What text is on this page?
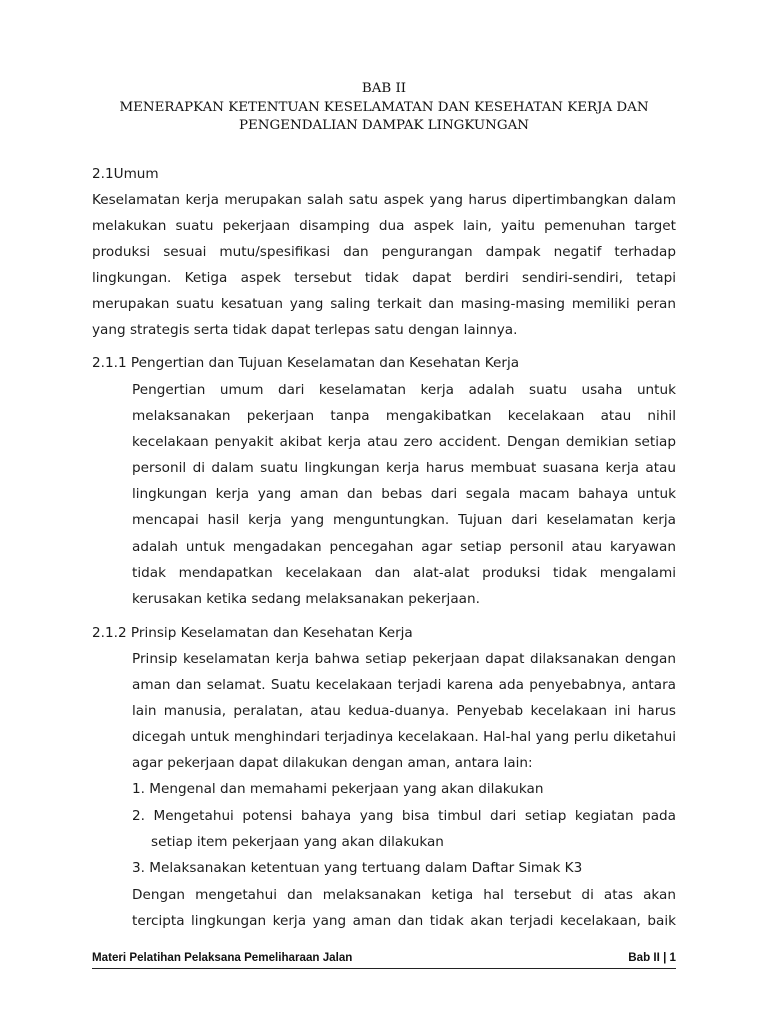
BAB II
MENERAPKAN KETENTUAN KESELAMATAN DAN KESEHATAN KERJA DAN
PENGENDALIAN DAMPAK LINGKUNGAN
2.1Umum
Keselamatan kerja merupakan salah satu aspek yang harus dipertimbangkan dalam
melakukan suatu pekerjaan disamping dua aspek lain, yaitu pemenuhan target
produksi sesuai mutu/spesifikasi dan pengurangan dampak negatif terhadap
lingkungan. Ketiga aspek tersebut tidak dapat berdiri sendiri-sendiri, tetapi
merupakan suatu kesatuan yang saling terkait dan masing-masing memiliki peran
yang strategis serta tidak dapat terlepas satu dengan lainnya.
2.1.1 Pengertian dan Tujuan Keselamatan dan Kesehatan Kerja
Pengertian umum dari keselamatan kerja adalah suatu usaha untuk
melaksanakan pekerjaan tanpa mengakibatkan kecelakaan atau nihil
kecelakaan penyakit akibat kerja atau zero accident. Dengan demikian setiap
personil di dalam suatu lingkungan kerja harus membuat suasana kerja atau
lingkungan kerja yang aman dan bebas dari segala macam bahaya untuk
mencapai hasil kerja yang menguntungkan. Tujuan dari keselamatan kerja
adalah untuk mengadakan pencegahan agar setiap personil atau karyawan
tidak mendapatkan kecelakaan dan alat-alat produksi tidak mengalami
kerusakan ketika sedang melaksanakan pekerjaan.
2.1.2 Prinsip Keselamatan dan Kesehatan Kerja
Prinsip keselamatan kerja bahwa setiap pekerjaan dapat dilaksanakan dengan
aman dan selamat. Suatu kecelakaan terjadi karena ada penyebabnya, antara
lain manusia, peralatan, atau kedua-duanya. Penyebab kecelakaan ini harus
dicegah untuk menghindari terjadinya kecelakaan. Hal-hal yang perlu diketahui
agar pekerjaan dapat dilakukan dengan aman, antara lain:
1. Mengenal dan memahami pekerjaan yang akan dilakukan
2. Mengetahui potensi bahaya yang bisa timbul dari setiap kegiatan pada
setiap item pekerjaan yang akan dilakukan
3. Melaksanakan ketentuan yang tertuang dalam Daftar Simak K3
Dengan mengetahui dan melaksanakan ketiga hal tersebut di atas akan
tercipta lingkungan kerja yang aman dan tidak akan terjadi kecelakaan, baik
Materi Pelatihan Pelaksana Pemeliharaan Jalan	Bab II | 1
